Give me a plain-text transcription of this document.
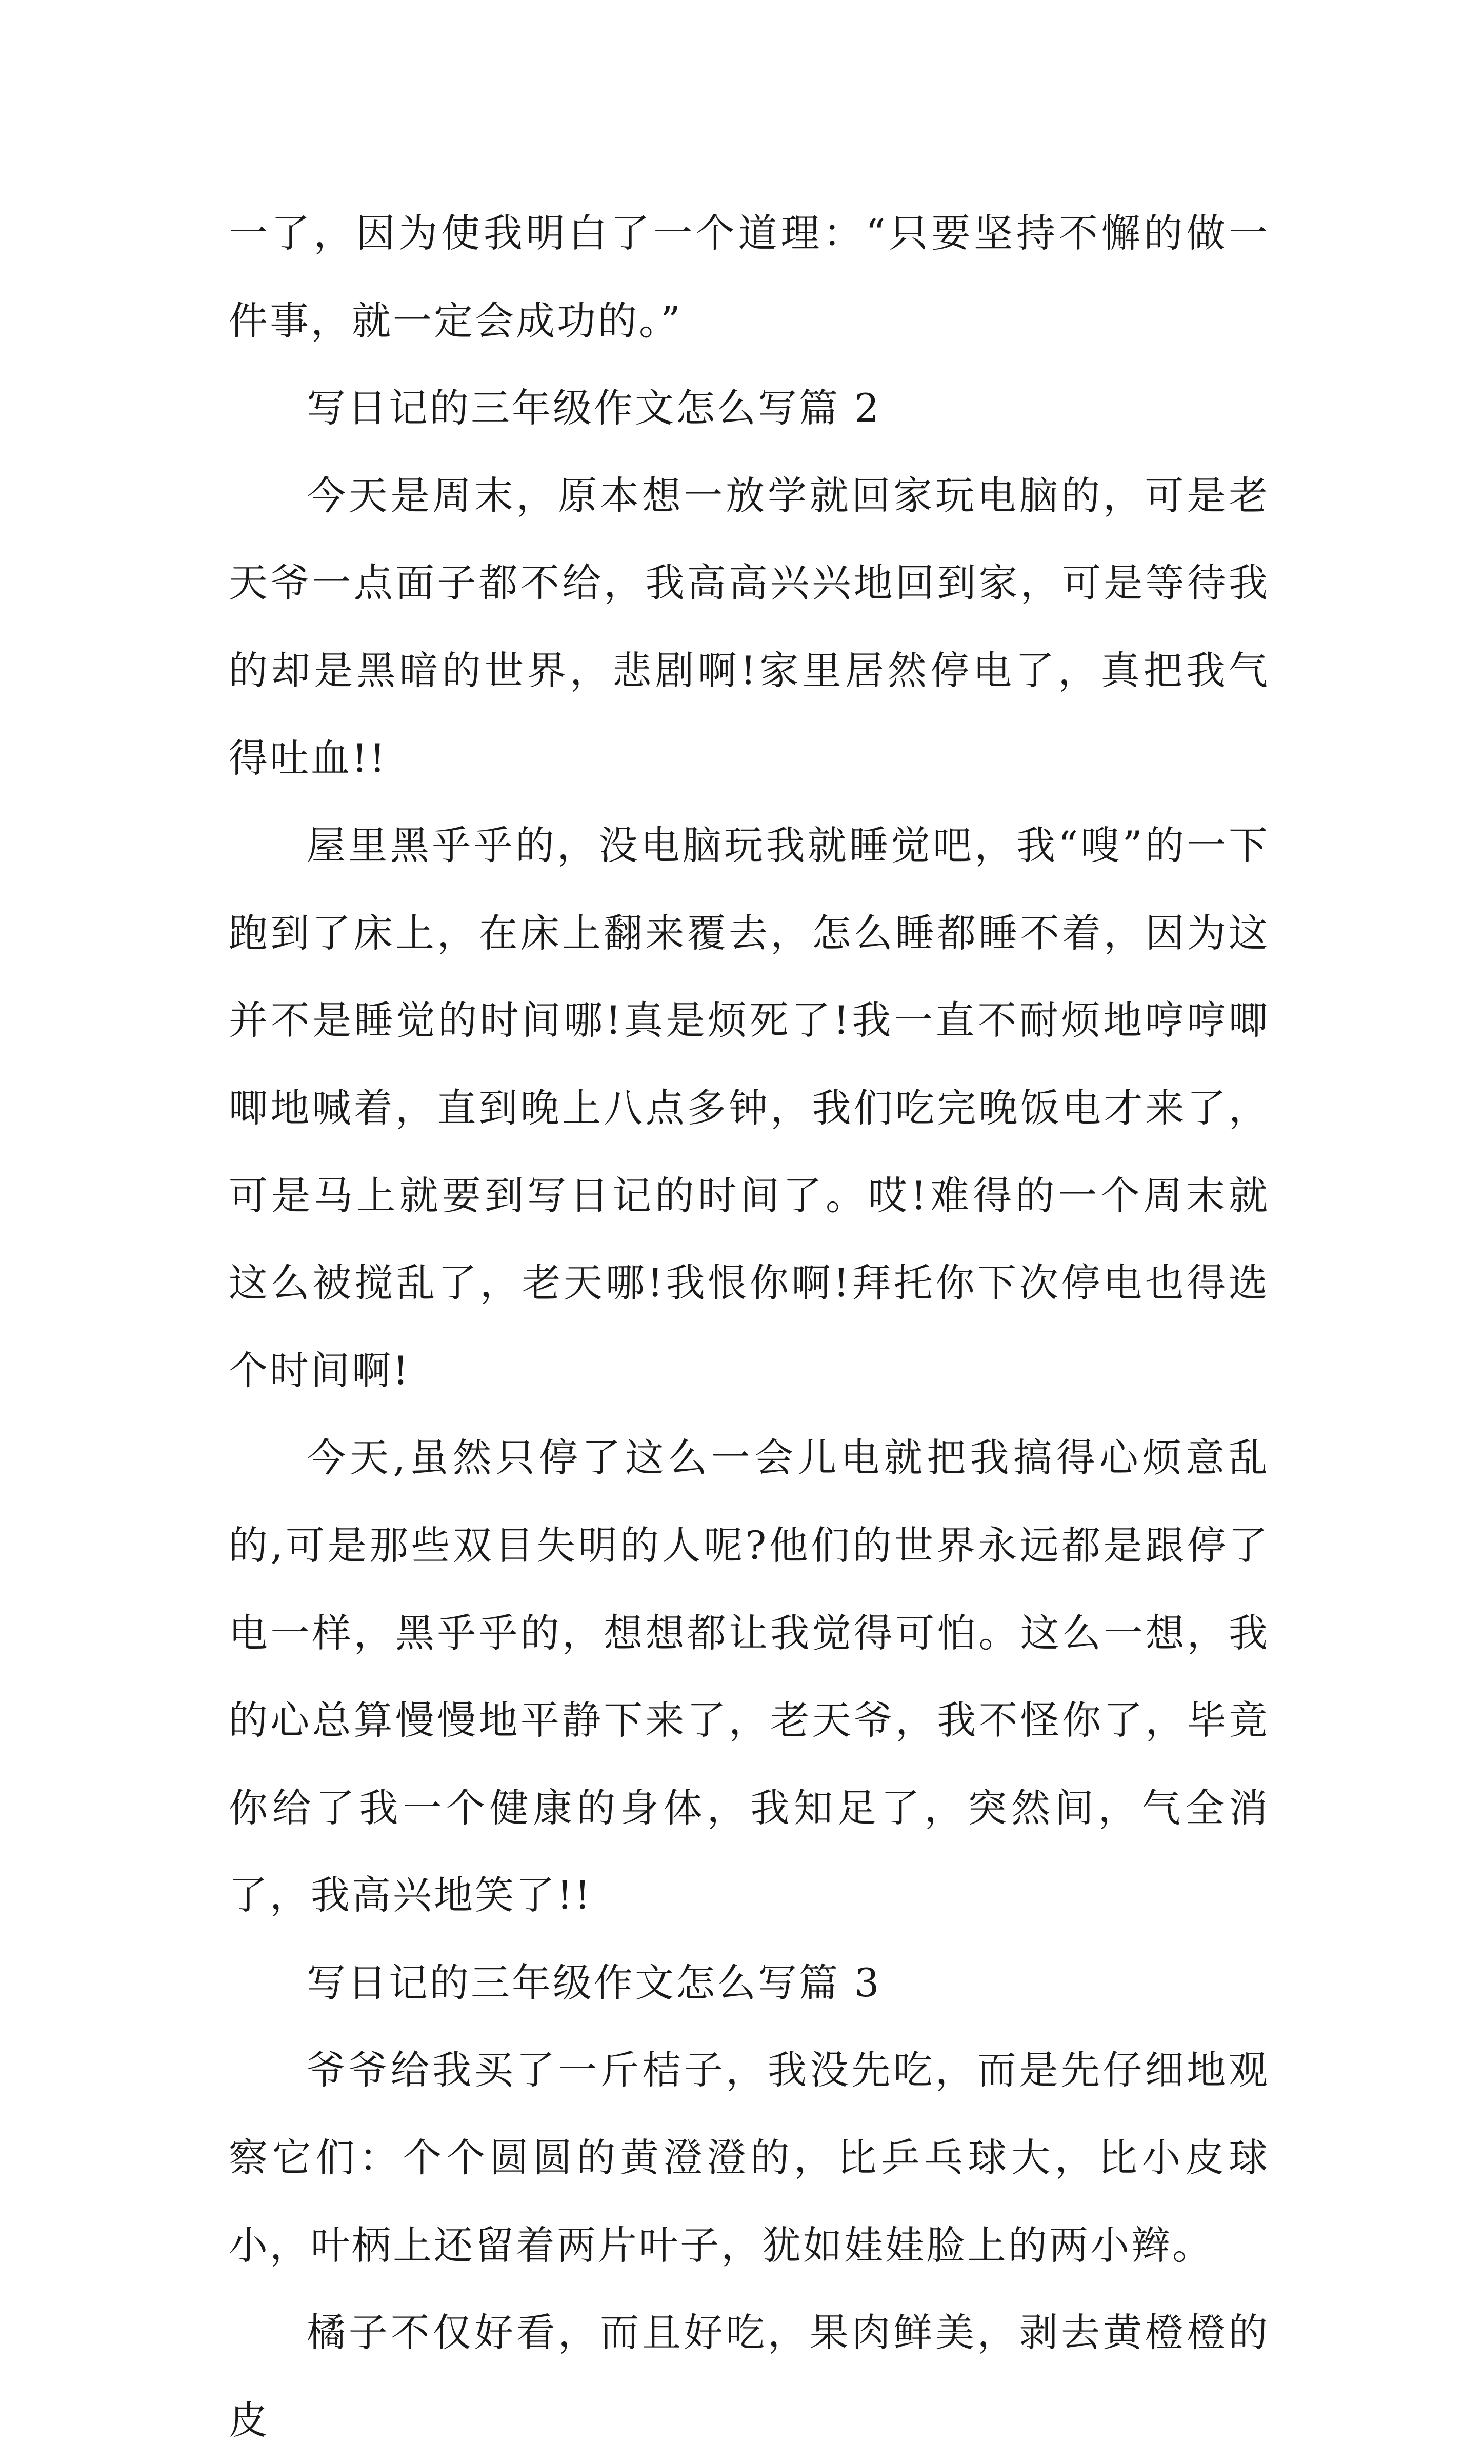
一了，因为使我明白了一个道理：“只要坚持不懈的做一件事，就一定会成功的。”

写日记的三年级作文怎么写篇 2

今天是周末，原本想一放学就回家玩电脑的，可是老天爷一点面子都不给，我高高兴兴地回到家，可是等待我的却是黑暗的世界，悲剧啊!家里居然停电了，真把我气得吐血!!

屋里黑乎乎的，没电脑玩我就睡觉吧，我“嗖”的一下跑到了床上，在床上翻来覆去，怎么睡都睡不着，因为这并不是睡觉的时间哪!真是烦死了!我一直不耐烦地哼哼唧唧地喊着，直到晚上八点多钟，我们吃完晚饭电才来了，可是马上就要到写日记的时间了。哎!难得的一个周末就这么被搅乱了，老天哪!我恨你啊!拜托你下次停电也得选个时间啊!

今天,虽然只停了这么一会儿电就把我搞得心烦意乱的,可是那些双目失明的人呢?他们的世界永远都是跟停了电一样，黑乎乎的，想想都让我觉得可怕。这么一想，我的心总算慢慢地平静下来了，老天爷，我不怪你了，毕竟你给了我一个健康的身体，我知足了，突然间，气全消了，我高兴地笑了!!

写日记的三年级作文怎么写篇 3

爷爷给我买了一斤桔子，我没先吃，而是先仔细地观察它们：个个圆圆的黄澄澄的，比乒乓球大，比小皮球小，叶柄上还留着两片叶子，犹如娃娃脸上的两小辫。

橘子不仅好看，而且好吃，果肉鲜美，剥去黄橙橙的皮
